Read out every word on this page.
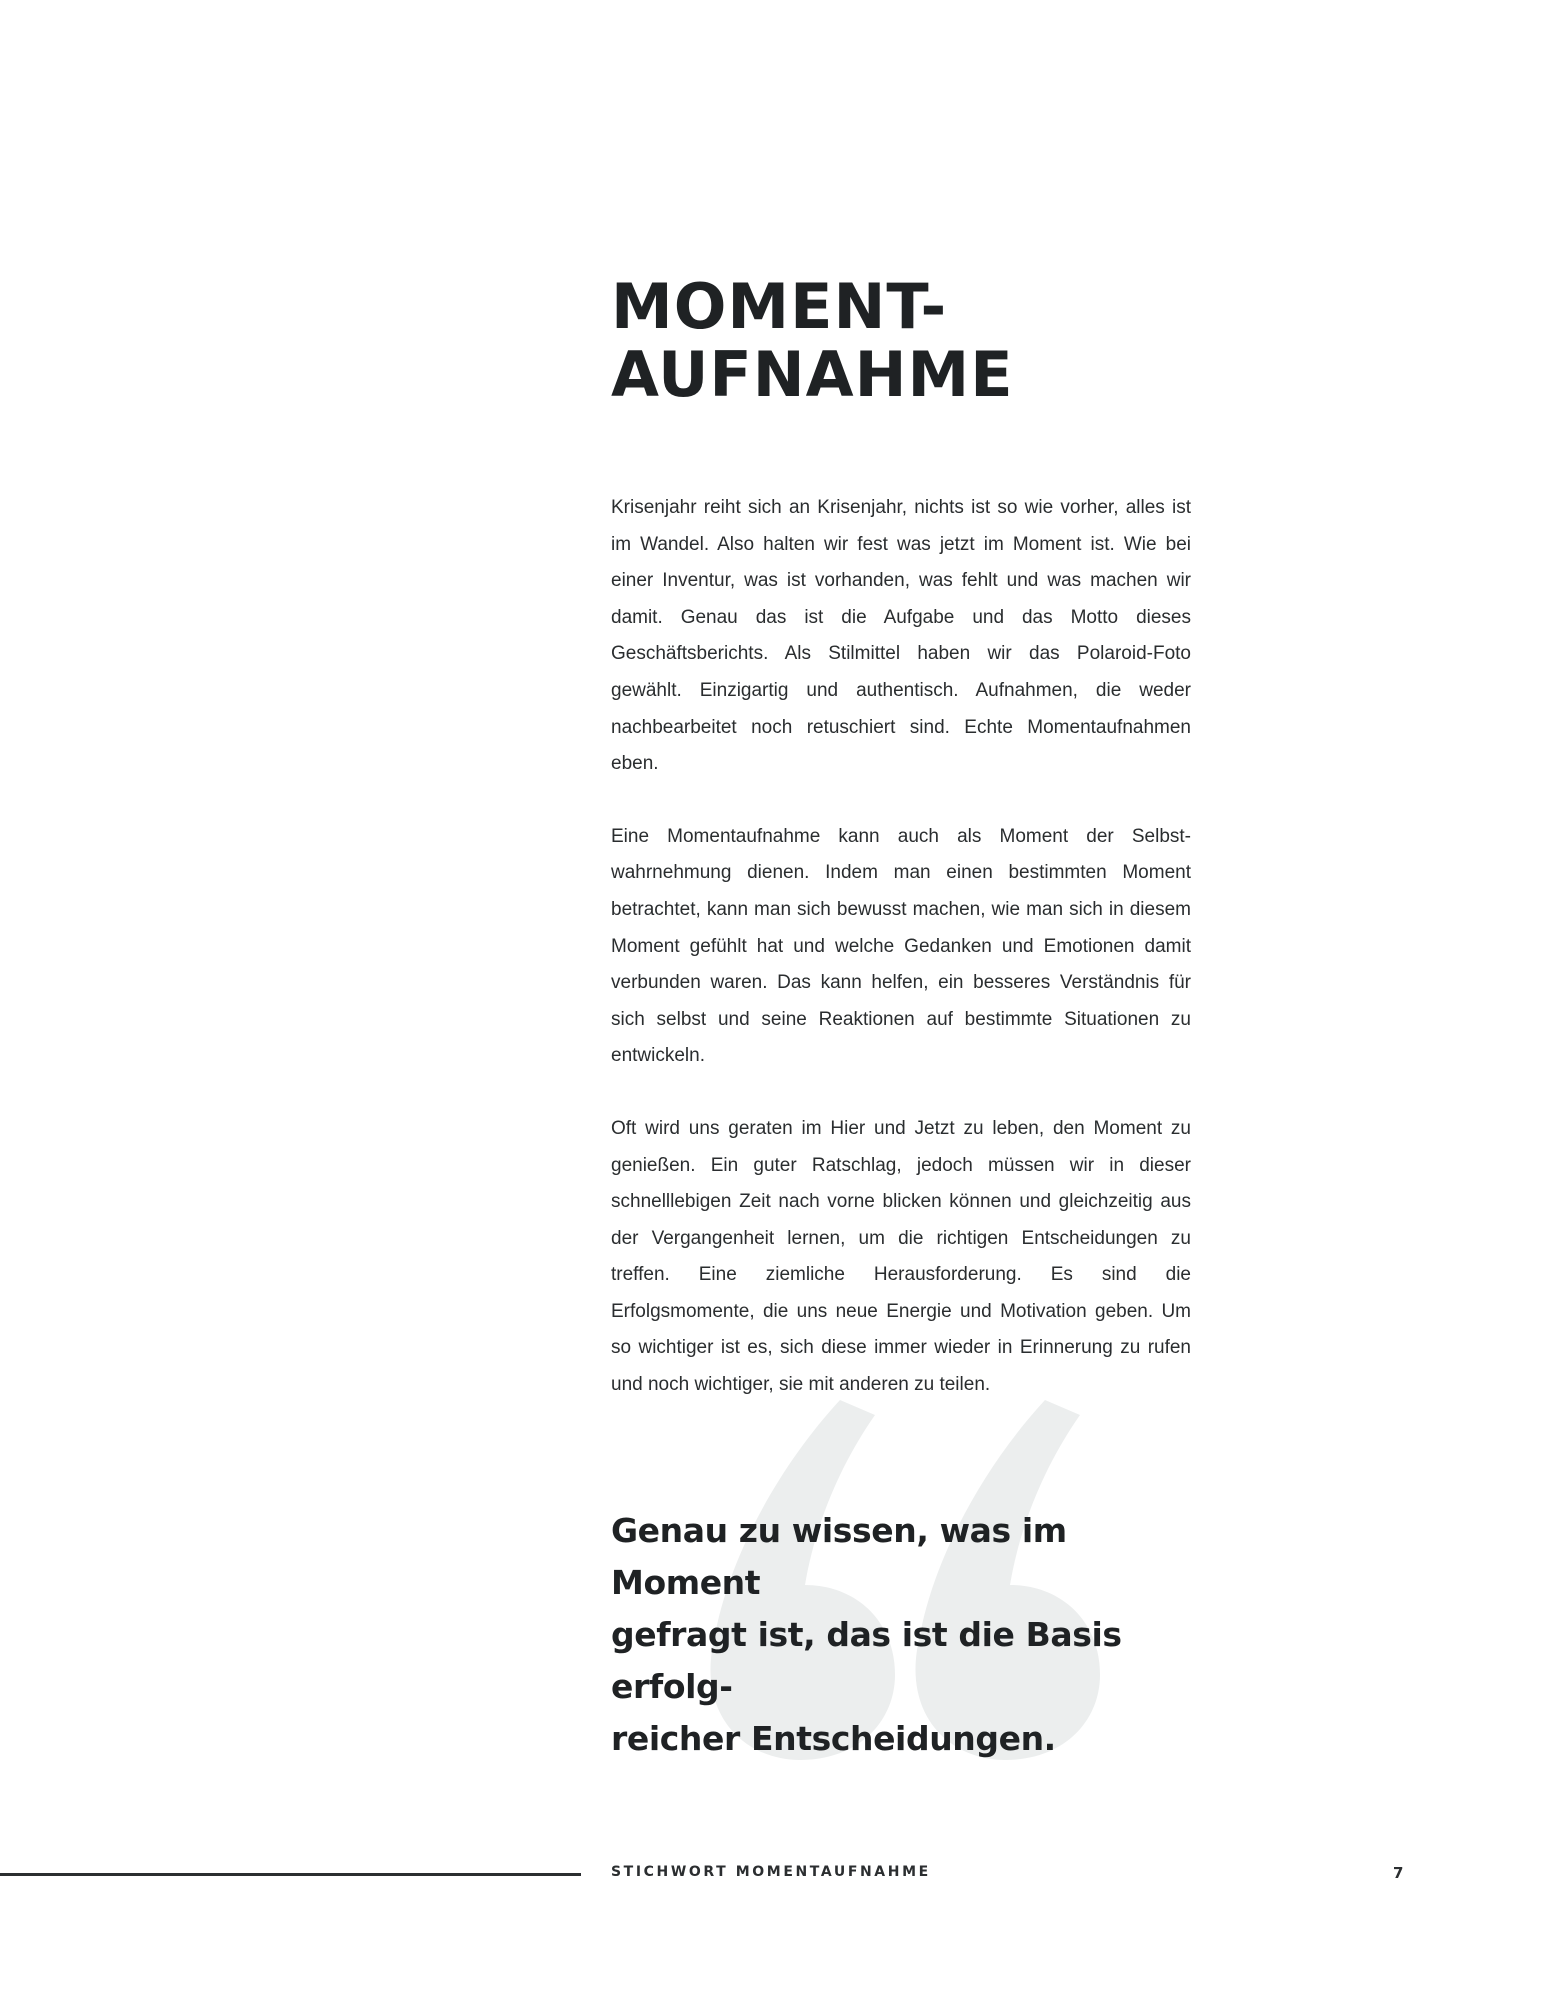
MOMENT-
AUFNAHME

Krisenjahr reiht sich an Krisenjahr, nichts ist so wie vorher, alles ist im Wandel. Also halten wir fest was jetzt im Moment ist. Wie bei einer Inventur, was ist vorhanden, was fehlt und was machen wir damit. Genau das ist die Aufgabe und das Motto dieses Geschäftsberichts. Als Stilmittel haben wir das Polaroid-Foto gewählt. Einzigartig und authentisch. Aufnahmen, die weder nachbearbeitet noch retuschiert sind. Echte Momentaufnahmen eben.

Eine Momentaufnahme kann auch als Moment der Selbstwahrnehmung dienen. Indem man einen bestimmten Moment betrachtet, kann man sich bewusst machen, wie man sich in diesem Moment gefühlt hat und welche Gedanken und Emotionen damit verbunden waren. Das kann helfen, ein besseres Verständnis für sich selbst und seine Reaktionen auf bestimmte Situationen zu entwickeln.

Oft wird uns geraten im Hier und Jetzt zu leben, den Moment zu genießen. Ein guter Ratschlag, jedoch müssen wir in dieser schnelllebigen Zeit nach vorne blicken können und gleichzeitig aus der Vergangenheit lernen, um die richtigen Entscheidungen zu treffen. Eine ziemliche Herausforderung. Es sind die Erfolgsmomente, die uns neue Energie und Motivation geben. Um so wichtiger ist es, sich diese immer wieder in Erinnerung zu rufen und noch wichtiger, sie mit anderen zu teilen.

Genau zu wissen, was im Moment
gefragt ist, das ist die Basis erfolg-
reicher Entscheidungen.
STICHWORT MOMENTAUFNAHME	7
